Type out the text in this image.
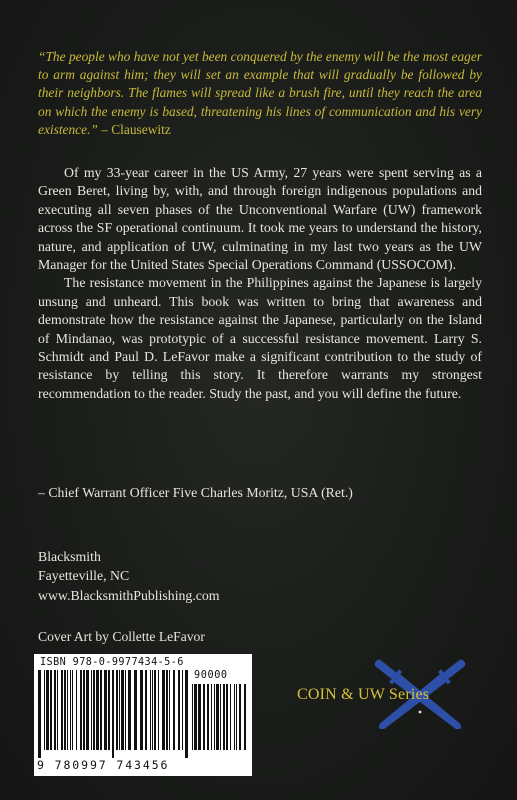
“The people who have not yet been conquered by the enemy will be the most eager to arm against him; they will set an example that will gradually be followed by their neighbors. The flames will spread like a brush fire, until they reach the area on which the enemy is based, threatening his lines of communication and his very existence.” – Clausewitz

Of my 33-year career in the US Army, 27 years were spent serving as a Green Beret, living by, with, and through foreign indigenous populations and executing all seven phases of the Unconventional Warfare (UW) framework across the SF operational continuum. It took me years to understand the history, nature, and application of UW, culminating in my last two years as the UW Manager for the United States Special Operations Command (USSOCOM).

The resistance movement in the Philippines against the Japanese is largely unsung and unheard. This book was written to bring that awareness and demonstrate how the resistance against the Japanese, particularly on the Island of Mindanao, was prototypic of a successful resistance movement. Larry S. Schmidt and Paul D. LeFavor make a significant contribution to the study of resistance by telling this story. It therefore warrants my strongest recommendation to the reader. Study the past, and you will define the future.

– Chief Warrant Officer Five Charles Moritz, USA (Ret.)

Blacksmith
Fayetteville, NC
www.BlacksmithPublishing.com

Cover Art by Collette LeFavor

ISBN 978-0-9977434-5-6
90000
9 780997 743456
COIN & UW Series
